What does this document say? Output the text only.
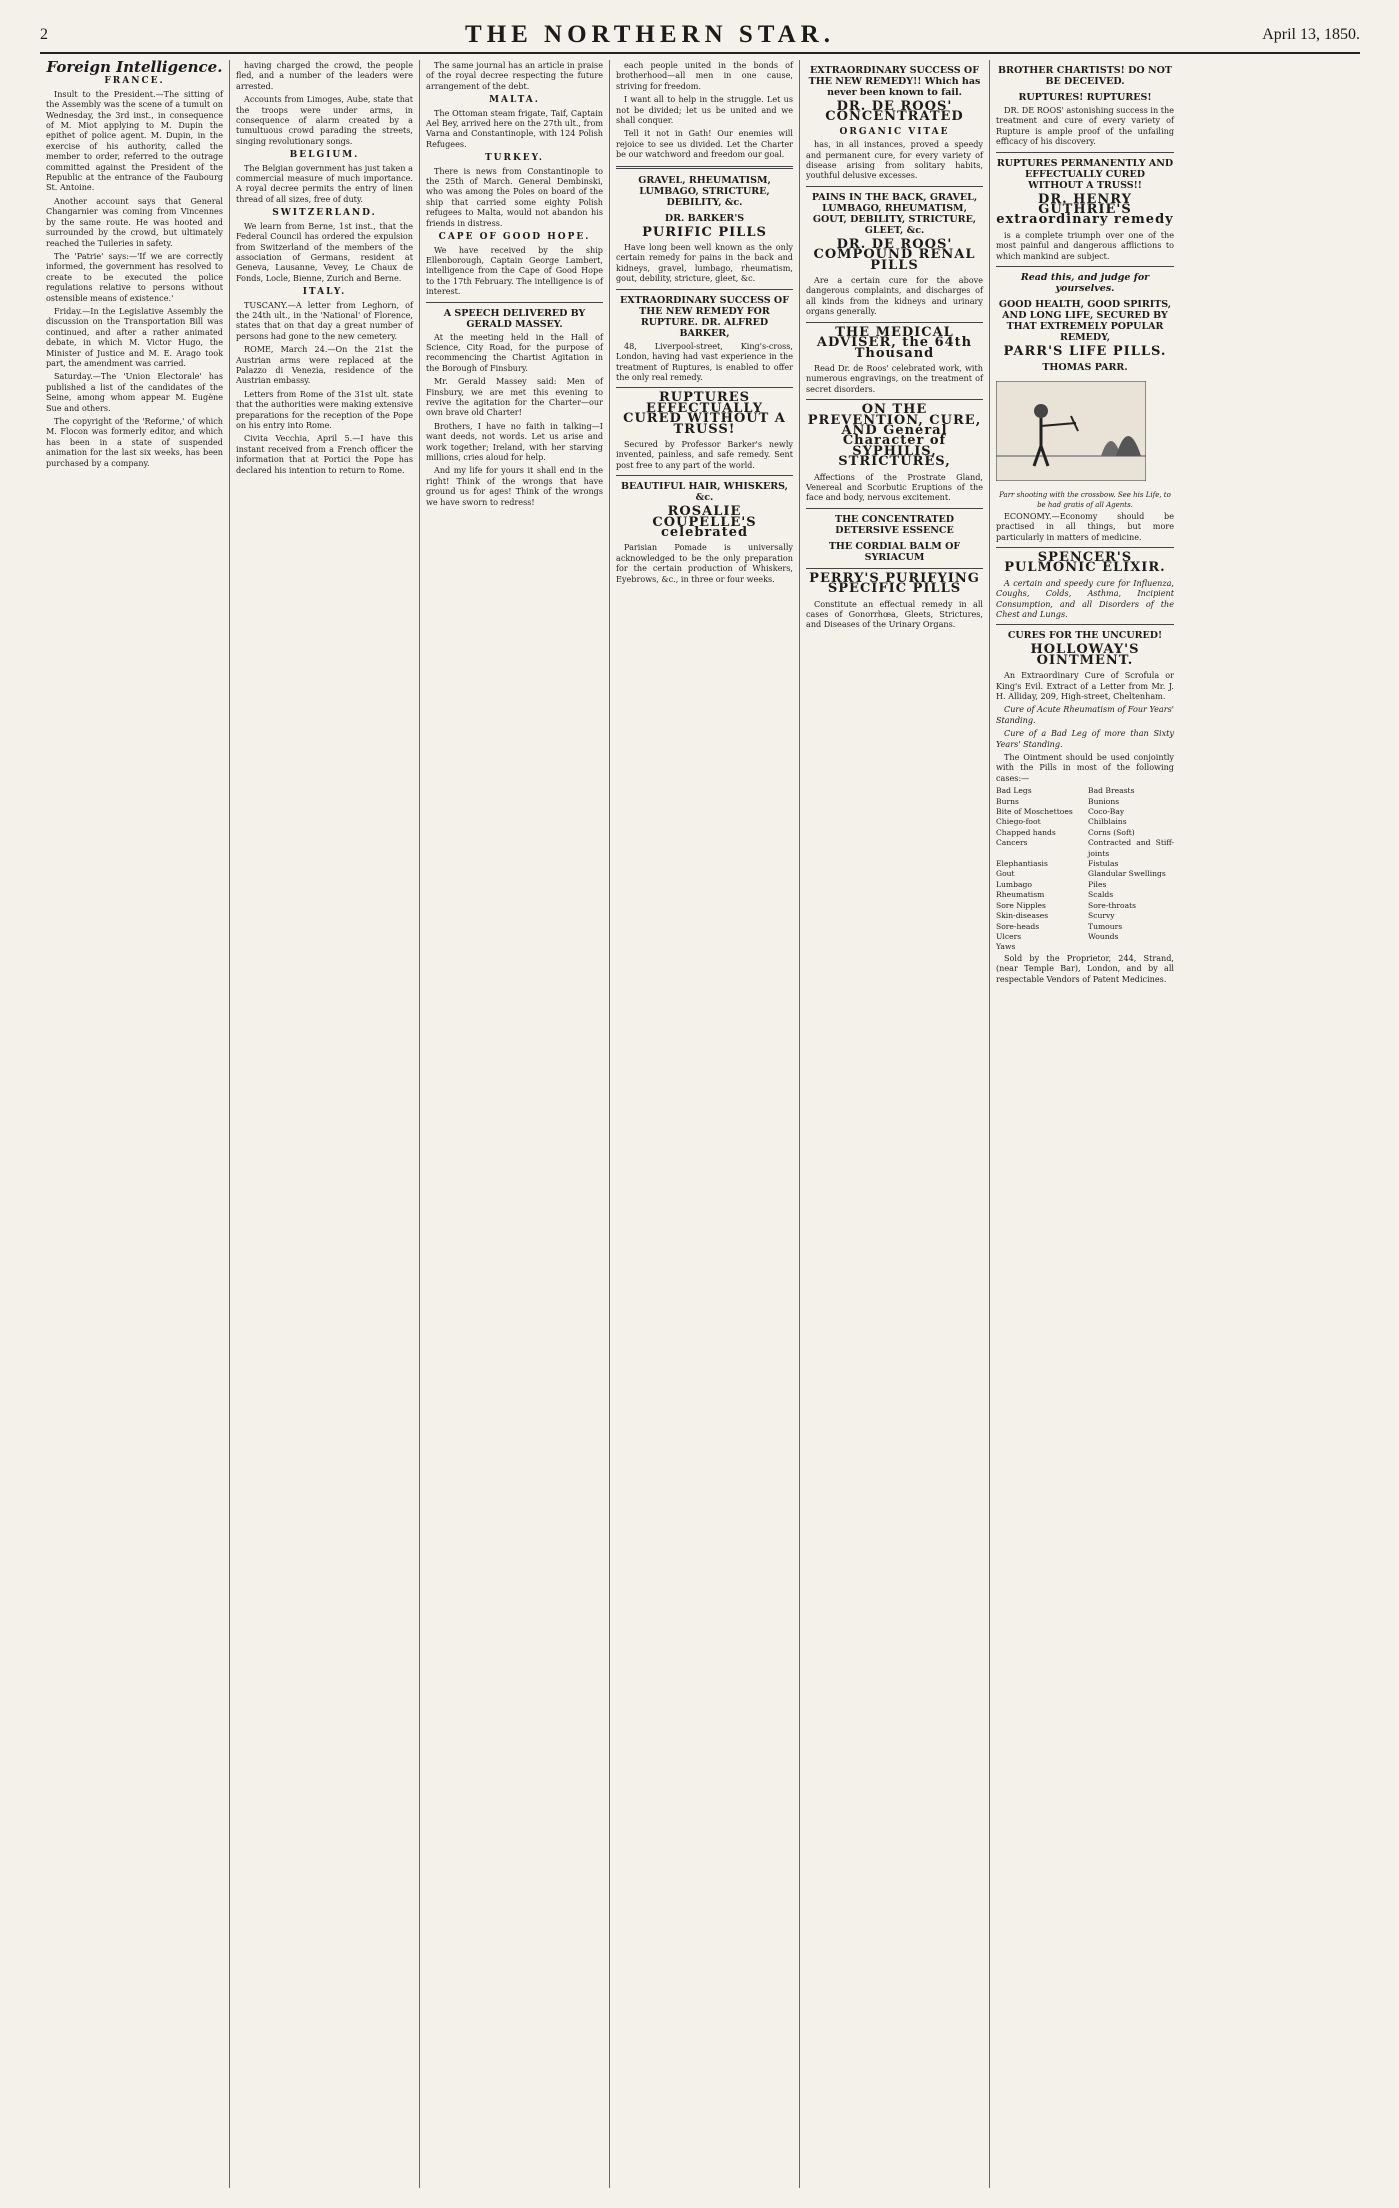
2	THE NORTHERN STAR.	April 13, 1850.
Foreign Intelligence.
FRANCE.

Insult to the President.—The sitting of the Assembly was the scene of a tumult on Wednesday, the 3rd inst., in consequence of M. Miot applying to M. Dupin the epithet of police agent. M. Dupin, in the exercise of his authority, called the member to order, referred to the outrage committed against the President of the Republic at the entrance of the Faubourg St. Antoine.

Another account says that General Changarnier was coming from Vincennes by the same route. He was hooted and surrounded by the crowd, but ultimately reached the Tuileries in safety.

The 'Patrie' says:—'If we are correctly informed, the government has resolved to create to be executed the police regulations relative to persons without ostensible means of existence.'

Friday.—In the Legislative Assembly the discussion on the Transportation Bill was continued, and after a rather animated debate, in which M. Victor Hugo, the Minister of Justice and M. E. Arago took part, the amendment was carried.

Saturday.—The 'Union Electorale' has published a list of the candidates of the Seine, among whom appear M. Eugène Sue and others.

The copyright of the 'Reforme,' of which M. Flocon was formerly editor, and which has been in a state of suspended animation for the last six weeks, has been purchased by a company.

having charged the crowd, the people fled, and a number of the leaders were arrested.

Accounts from Limoges, Aube, state that the troops were under arms, in consequence of alarm created by a tumultuous crowd parading the streets, singing revolutionary songs.

BELGIUM.

The Belgian government has just taken a commercial measure of much importance. A royal decree permits the entry of linen thread of all sizes, free of duty.

SWITZERLAND.

We learn from Berne, 1st inst., that the Federal Council has ordered the expulsion from Switzerland of the members of the association of Germans, resident at Geneva, Lausanne, Vevey, Le Chaux de Fonds, Locle, Bienne, Zurich and Berne.

ITALY.

TUSCANY.—A letter from Leghorn, of the 24th ult., in the 'National' of Florence, states that on that day a great number of persons had gone to the new cemetery.

ROME, March 24.—On the 21st the Austrian arms were replaced at the Palazzo di Venezia, residence of the Austrian embassy.

Letters from Rome of the 31st ult. state that the authorities were making extensive preparations for the reception of the Pope on his entry into Rome.

Civita Vecchia, April 5.—I have this instant received from a French officer the information that at Portici the Pope has declared his intention to return to Rome.

The same journal has an article in praise of the royal decree respecting the future arrangement of the debt.

MALTA.

The Ottoman steam frigate, Taif, Captain Ael Bey, arrived here on the 27th ult., from Varna and Constantinople, with 124 Polish Refugees.

TURKEY.

There is news from Constantinople to the 25th of March. General Dembinski, who was among the Poles on board of the ship that carried some eighty Polish refugees to Malta, would not abandon his friends in distress.

CAPE OF GOOD HOPE.

We have received by the ship Ellenborough, Captain George Lambert, intelligence from the Cape of Good Hope to the 17th February. The intelligence is of interest.

A SPEECH DELIVERED BY GERALD MASSEY.

At the meeting held in the Hall of Science, City Road, for the purpose of recommencing the Chartist Agitation in the Borough of Finsbury.

Mr. Gerald Massey said: Men of Finsbury, we are met this evening to revive the agitation for the Charter—our own brave old Charter!

Brothers, I have no faith in talking—I want deeds, not words. Let us arise and work together; Ireland, with her starving millions, cries aloud for help.

And my life for yours it shall end in the right! Think of the wrongs that have ground us for ages! Think of the wrongs we have sworn to redress!

each people united in the bonds of brotherhood—all men in one cause, striving for freedom.

I want all to help in the struggle. Let us not be divided; let us be united and we shall conquer.

Tell it not in Gath! Our enemies will rejoice to see us divided. Let the Charter be our watchword and freedom our goal.

GRAVEL, RHEUMATISM, LUMBAGO, STRICTURE, DEBILITY, &c.
DR. BARKER'S
PURIFIC PILLS

Have long been well known as the only certain remedy for pains in the back and kidneys, gravel, lumbago, rheumatism, gout, debility, stricture, gleet, &c.

EXTRAORDINARY SUCCESS OF THE NEW REMEDY FOR RUPTURE. DR. ALFRED BARKER,

48, Liverpool-street, King's-cross, London, having had vast experience in the treatment of Ruptures, is enabled to offer the only real remedy.

RUPTURES EFFECTUALLY CURED WITHOUT A TRUSS!

Secured by Professor Barker's newly invented, painless, and safe remedy. Sent post free to any part of the world.

BEAUTIFUL HAIR, WHISKERS, &c.
ROSALIE COUPELLE'S celebrated

Parisian Pomade is universally acknowledged to be the only preparation for the certain production of Whiskers, Eyebrows, &c., in three or four weeks.

EXTRAORDINARY SUCCESS OF THE NEW REMEDY!! Which has never been known to fail.
DR. DE ROOS' CONCENTRATED
ORGANIC VITAE

has, in all instances, proved a speedy and permanent cure, for every variety of disease arising from solitary habits, youthful delusive excesses.

PAINS IN THE BACK, GRAVEL, LUMBAGO, RHEUMATISM, GOUT, DEBILITY, STRICTURE, GLEET, &c.
DR. DE ROOS' COMPOUND RENAL PILLS

Are a certain cure for the above dangerous complaints, and discharges of all kinds from the kidneys and urinary organs generally.

THE MEDICAL ADVISER, the 64th Thousand

Read Dr. de Roos' celebrated work, with numerous engravings, on the treatment of secret disorders.

ON THE PREVENTION, CURE, AND General Character of SYPHILIS, STRICTURES,

Affections of the Prostrate Gland, Venereal and Scorbutic Eruptions of the face and body, nervous excitement.

THE CONCENTRATED DETERSIVE ESSENCE
THE CORDIAL BALM OF SYRIACUM
PERRY'S PURIFYING SPECIFIC PILLS

Constitute an effectual remedy in all cases of Gonorrhœa, Gleets, Strictures, and Diseases of the Urinary Organs.

BROTHER CHARTISTS! DO NOT BE DECEIVED.
RUPTURES! RUPTURES!

DR. DE ROOS' astonishing success in the treatment and cure of every variety of Rupture is ample proof of the unfailing efficacy of his discovery.

RUPTURES PERMANENTLY AND EFFECTUALLY CURED WITHOUT A TRUSS!!
DR. HENRY GUTHRIE'S extraordinary remedy

is a complete triumph over one of the most painful and dangerous afflictions to which mankind are subject.

Read this, and judge for yourselves.
GOOD HEALTH, GOOD SPIRITS, AND LONG LIFE, SECURED BY THAT EXTREMELY POPULAR REMEDY,
PARR'S LIFE PILLS.
THOMAS PARR.
Parr shooting with the crossbow. See his Life, to be had gratis of all Agents.

ECONOMY.—Economy should be practised in all things, but more particularly in matters of medicine.

SPENCER'S PULMONIC ELIXIR.

A certain and speedy cure for Influenza, Coughs, Colds, Asthma, Incipient Consumption, and all Disorders of the Chest and Lungs.

CURES FOR THE UNCURED!
HOLLOWAY'S OINTMENT.

An Extraordinary Cure of Scrofula or King's Evil. Extract of a Letter from Mr. J. H. Alliday, 209, High-street, Cheltenham.

Cure of Acute Rheumatism of Four Years' Standing.

Cure of a Bad Leg of more than Sixty Years' Standing.

The Ointment should be used conjointly with the Pills in most of the following cases:—

Bad Legs	Bad Breasts
Burns	Bunions
Bite of Moschettoes	Coco-Bay
Chiego-foot	Chilblains
Chapped hands	Corns (Soft)
Cancers	Contracted and Stiff-joints
Elephantiasis	Fistulas
Gout	Glandular Swellings
Lumbago	Piles
Rheumatism	Scalds
Sore Nipples	Sore-throats
Skin-diseases	Scurvy
Sore-heads	Tumours
Ulcers	Wounds
Yaws

Sold by the Proprietor, 244, Strand, (near Temple Bar), London, and by all respectable Vendors of Patent Medicines.
